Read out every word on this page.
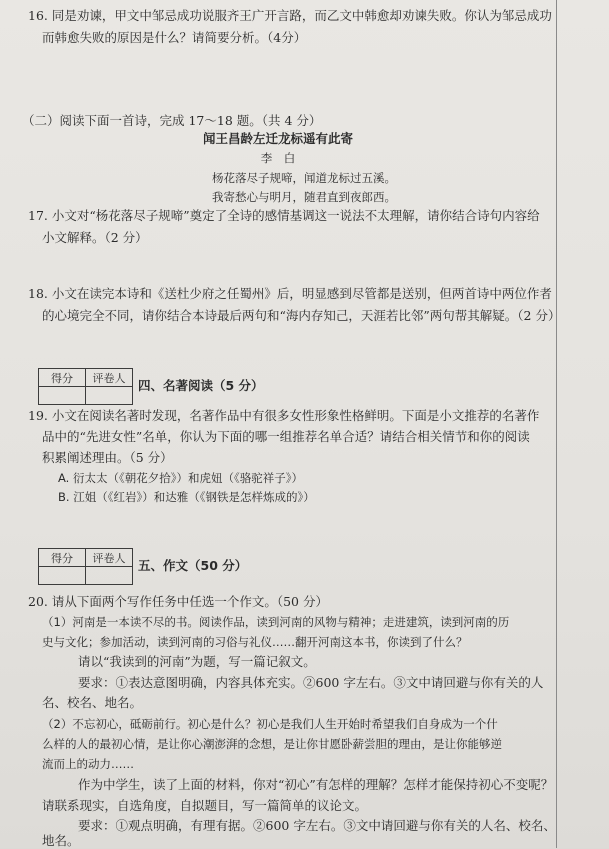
16. 同是劝谏，甲文中邹忌成功说服齐王广开言路，而乙文中韩愈却劝谏失败。你认为邹忌成功
而韩愈失败的原因是什么？请简要分析。（4分）
（二）阅读下面一首诗，完成 17～18 题。（共 4 分）
闻王昌龄左迁龙标遥有此寄
李　白
杨花落尽子规啼，闻道龙标过五溪。
我寄愁心与明月，随君直到夜郎西。
17. 小文对“杨花落尽子规啼”奠定了全诗的感情基调这一说法不太理解，请你结合诗句内容给
小文解释。（2 分）
18. 小文在读完本诗和《送杜少府之任蜀州》后，明显感到尽管都是送别，但两首诗中两位作者
的心境完全不同，请你结合本诗最后两句和“海内存知己，天涯若比邻”两句帮其解疑。（2 分）
得分	评卷人
	四、名著阅读（5 分）
19. 小文在阅读名著时发现，名著作品中有很多女性形象性格鲜明。下面是小文推荐的名著作
品中的“先进女性”名单，你认为下面的哪一组推荐名单合适？请结合相关情节和你的阅读
积累阐述理由。（5 分）
A. 衍太太（《朝花夕拾》）和虎妞（《骆驼祥子》）
B. 江姐（《红岩》）和达雅（《钢铁是怎样炼成的》）
得分	评卷人
	五、作文（50 分）
20. 请从下面两个写作任务中任选一个作文。（50 分）
（1）河南是一本读不尽的书。阅读作品，读到河南的风物与精神；走进建筑，读到河南的历
史与文化；参加活动，读到河南的习俗与礼仪……翻开河南这本书，你读到了什么？
请以“我读到的河南”为题，写一篇记叙文。
要求：①表达意图明确，内容具体充实。②600 字左右。③文中请回避与你有关的人
名、校名、地名。
（2）不忘初心，砥砺前行。初心是什么？初心是我们人生开始时希望我们自身成为一个什
么样的人的最初心情，是让你心潮澎湃的念想，是让你甘愿卧薪尝胆的理由，是让你能够逆
流而上的动力……
作为中学生，读了上面的材料，你对“初心”有怎样的理解？怎样才能保持初心不变呢？
请联系现实，自选角度，自拟题目，写一篇简单的议论文。
要求：①观点明确，有理有据。②600 字左右。③文中请回避与你有关的人名、校名、
地名。
